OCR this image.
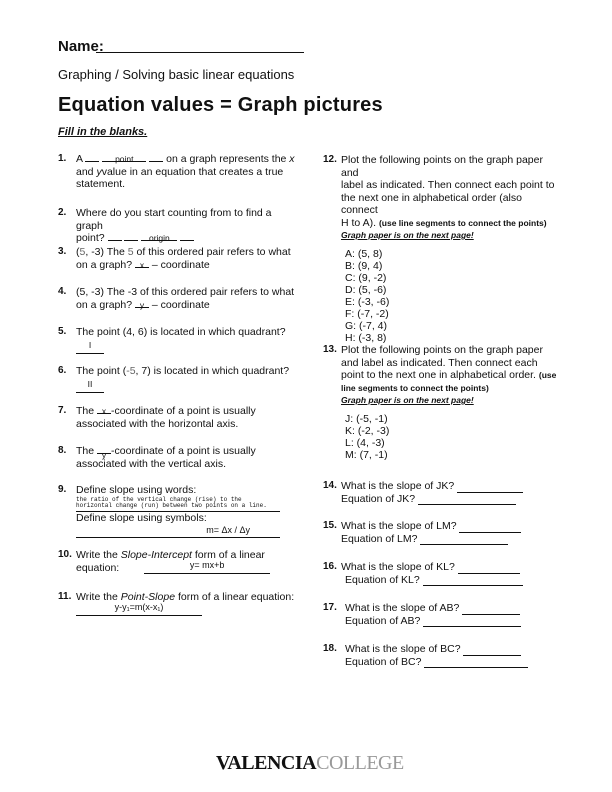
Name:
Graphing / Solving basic linear equations
Equation values = Graph pictures
Fill in the blanks.
1. A	point	on a graph represents the x
and yvalue in an equation that creates a true
statement.
2. Where do you start counting from to find a graph
point?	origin

3. (5, -3) The 5 of this ordered pair refers to what
on a graph? x – coordinate
4. (5, -3) The -3 of this ordered pair refers to what
on a graph? y – coordinate
5. The point (4, 6) is located in which quadrant?

I
6. The point (-5, 7) is located in which quadrant?

II
7. The x -coordinate of a point is usually
associated with the horizontal axis.
8. The y -coordinate of a point is usually
associated with the vertical axis.
9. Define slope using words:
the ratio of the vertical change (rise) to the horizontal change (run) between two points on a line.
Define slope using symbols:
m= Δx / Δy
10. Write the Slope-Intercept form of a linear
equation:	y= mx+b
11. Write the Point-Slope form of a linear equation:

y-y₁=m(x-x₁)
12. Plot the following points on the graph paper and
label as indicated. Then connect each point to
the next one in alphabetical order (also connect
H to A). (use line segments to connect the points)
Graph paper is on the next page!
A: (5, 8)
B: (9, 4)
C: (9, -2)
D: (5, -6)
E: (-3, -6)
F: (-7, -2)
G: (-7, 4)
H: (-3, 8)
13. Plot the following points on the graph paper
and label as indicated. Then connect each
point to the next one in alphabetical order. (use
line segments to connect the points)
Graph paper is on the next page!
J: (-5, -1)
K: (-2, -3)
L: (4, -3)
M: (7, -1)
14. What is the slope of JK?
Equation of JK?
15. What is the slope of LM?
Equation of LM?
16. What is the slope of KL?
Equation of KL?
17. What is the slope of AB?
Equation of AB?
18. What is the slope of BC?
Equation of BC?
VALENCIACOLLEGE
